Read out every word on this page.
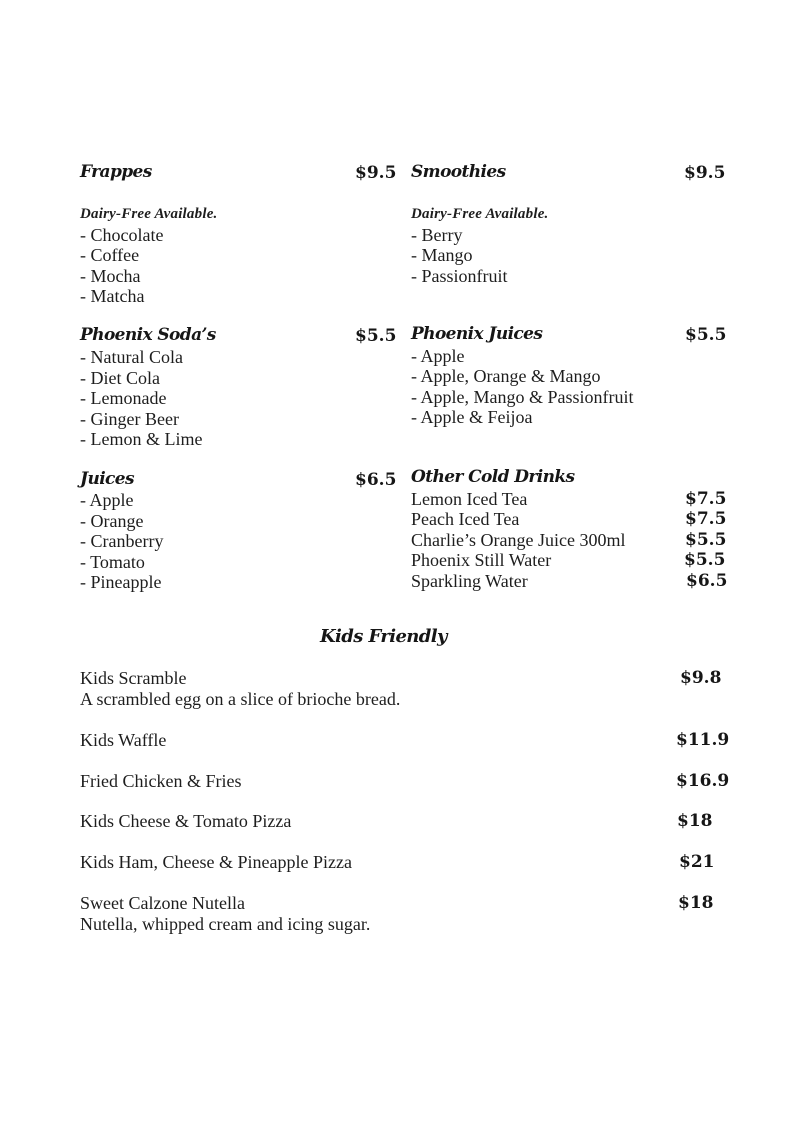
Frappes	$9.5
Dairy-Free Available.
- Chocolate
- Coffee
- Mocha
- Matcha
Smoothies	$9.5
Dairy-Free Available.
- Berry
- Mango
- Passionfruit
Phoenix Soda’s	$5.5
- Natural Cola
- Diet Cola
- Lemonade
- Ginger Beer
- Lemon & Lime
Phoenix Juices	$5.5
- Apple
- Apple, Orange & Mango
- Apple, Mango & Passionfruit
- Apple & Feijoa
Juices	$6.5
- Apple
- Orange
- Cranberry
- Tomato
- Pineapple
Other Cold Drinks
Lemon Iced Tea	$7.5
Peach Iced Tea	$7.5
Charlie’s Orange Juice 300ml	$5.5
Phoenix Still Water	$5.5
Sparkling Water	$6.5
Kids Friendly
Kids Scramble	$9.8
A scrambled egg on a slice of brioche bread.
Kids Waffle	$11.9
Fried Chicken & Fries	$16.9
Kids Cheese & Tomato Pizza	$18
Kids Ham, Cheese & Pineapple Pizza	$21
Sweet Calzone Nutella	$18
Nutella, whipped cream and icing sugar.
